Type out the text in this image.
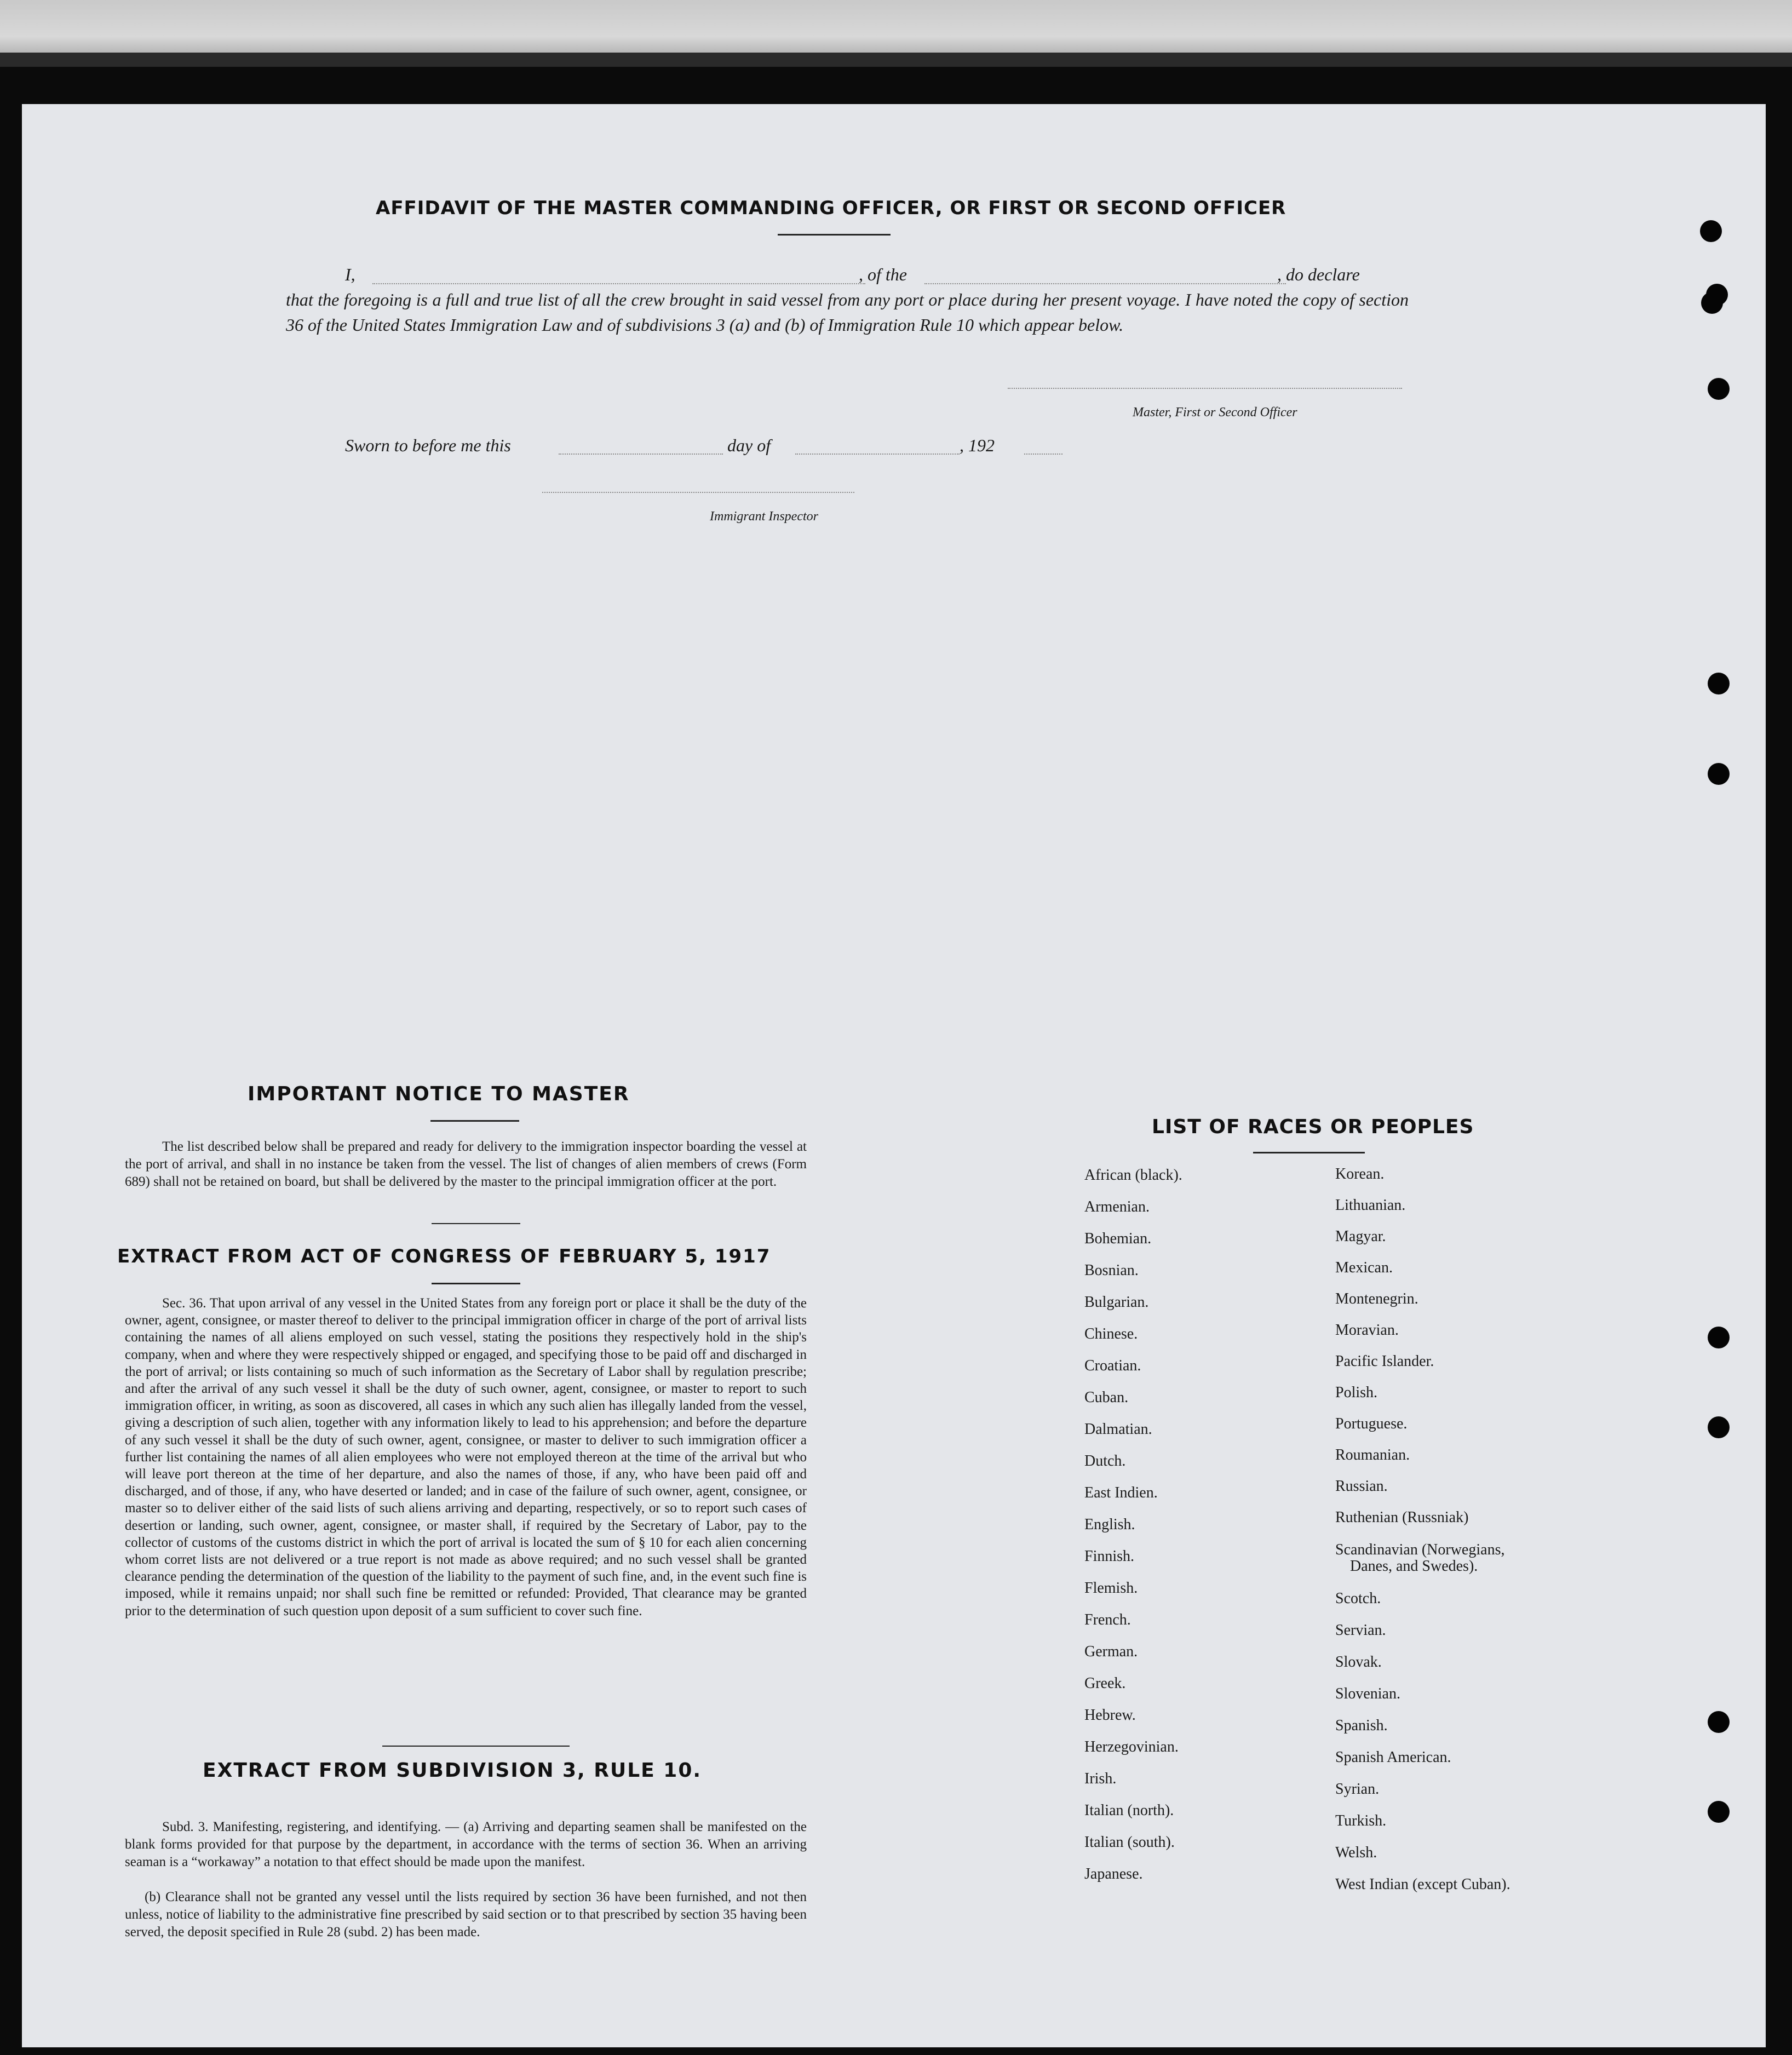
AFFIDAVIT OF THE MASTER COMMANDING OFFICER, OR FIRST OR SECOND OFFICER
I,	, of the	, do declare
that the foregoing is a full and true list of all the crew brought in said vessel from any port or place during her present voyage. I have noted the copy of section 36 of the United States Immigration Law and of subdivisions 3 (a) and (b) of Immigration Rule 10 which appear below.
Master, First or Second Officer
Sworn to before me this	day of	, 192
Immigrant Inspector
IMPORTANT NOTICE TO MASTER
The list described below shall be prepared and ready for delivery to the immigration inspector boarding the vessel at the port of arrival, and shall in no instance be taken from the vessel. The list of changes of alien members of crews (Form 689) shall not be retained on board, but shall be delivered by the master to the principal immigration officer at the port.
EXTRACT FROM ACT OF CONGRESS OF FEBRUARY 5, 1917
Sec. 36. That upon arrival of any vessel in the United States from any foreign port or place it shall be the duty of the owner, agent, consignee, or master thereof to deliver to the principal immigration officer in charge of the port of arrival lists containing the names of all aliens employed on such vessel, stating the positions they respectively hold in the ship's company, when and where they were respectively shipped or engaged, and specifying those to be paid off and discharged in the port of arrival; or lists containing so much of such information as the Secretary of Labor shall by regulation prescribe; and after the arrival of any such vessel it shall be the duty of such owner, agent, consignee, or master to report to such immigration officer, in writing, as soon as discovered, all cases in which any such alien has illegally landed from the vessel, giving a description of such alien, together with any information likely to lead to his apprehension; and before the departure of any such vessel it shall be the duty of such owner, agent, consignee, or master to deliver to such immigration officer a further list containing the names of all alien employees who were not employed thereon at the time of the arrival but who will leave port thereon at the time of her departure, and also the names of those, if any, who have been paid off and discharged, and of those, if any, who have deserted or landed; and in case of the failure of such owner, agent, consignee, or master so to deliver either of the said lists of such aliens arriving and departing, respectively, or so to report such cases of desertion or landing, such owner, agent, consignee, or master shall, if required by the Secretary of Labor, pay to the collector of customs of the customs district in which the port of arrival is located the sum of § 10 for each alien concerning whom corret lists are not delivered or a true report is not made as above required; and no such vessel shall be granted clearance pending the determination of the question of the liability to the payment of such fine, and, in the event such fine is imposed, while it remains unpaid; nor shall such fine be remitted or refunded: Provided, That clearance may be granted prior to the determination of such question upon deposit of a sum sufficient to cover such fine.
EXTRACT FROM SUBDIVISION 3, RULE 10.
Subd. 3. Manifesting, registering, and identifying. — (a) Arriving and departing seamen shall be manifested on the blank forms provided for that purpose by the department, in accordance with the terms of section 36. When an arriving seaman is a “workaway” a notation to that effect should be made upon the manifest.
(b) Clearance shall not be granted any vessel until the lists required by section 36 have been furnished, and not then unless, notice of liability to the administrative fine prescribed by said section or to that prescribed by section 35 having been served, the deposit specified in Rule 28 (subd. 2) has been made.
LIST OF RACES OR PEOPLES
African (black).
Armenian.
Bohemian.
Bosnian.
Bulgarian.
Chinese.
Croatian.
Cuban.
Dalmatian.
Dutch.
East Indien.
English.
Finnish.
Flemish.
French.
German.
Greek.
Hebrew.
Herzegovinian.
Irish.
Italian (north).
Italian (south).
Japanese.
Korean.
Lithuanian.
Magyar.
Mexican.
Montenegrin.
Moravian.
Pacific Islander.
Polish.
Portuguese.
Roumanian.
Russian.
Ruthenian (Russniak)
Scandinavian (Norwegians,
Danes, and Swedes).
Scotch.
Servian.
Slovak.
Slovenian.
Spanish.
Spanish American.
Syrian.
Turkish.
Welsh.
West Indian (except Cuban).
